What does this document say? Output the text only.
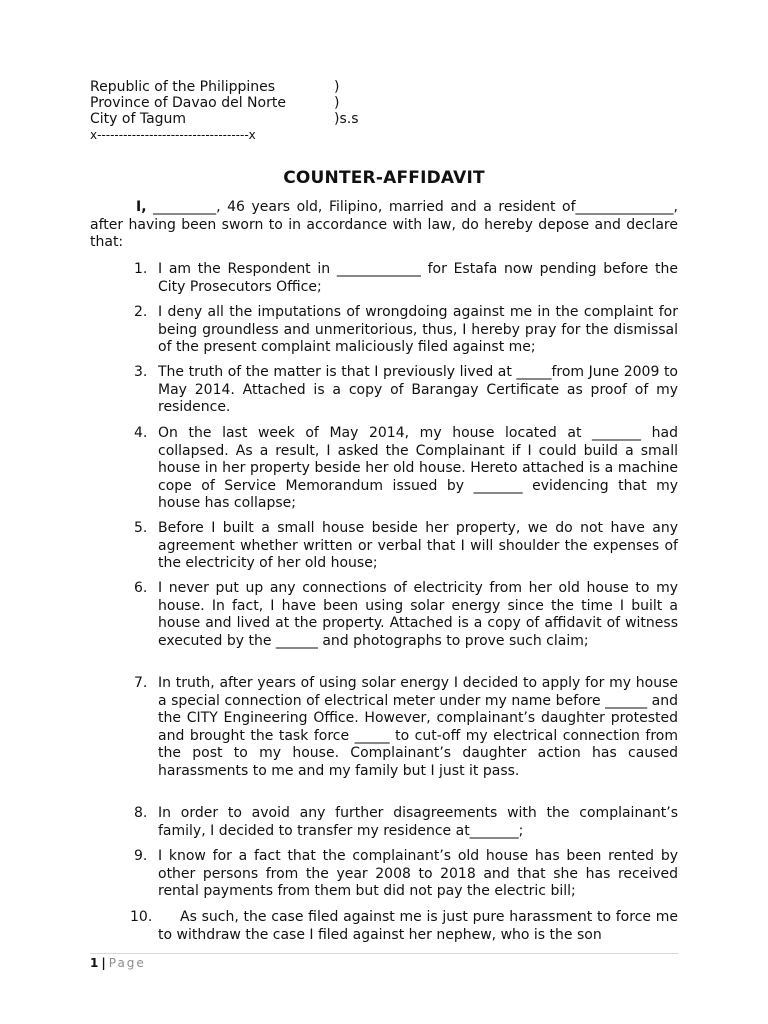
Republic of the Philippines	)
Province of Davao del Norte	)
City of Tagum	)s.s
x-----------------------------------x
COUNTER-AFFIDAVIT
I, _________, 46 years old, Filipino, married and a resident of______________, after having been sworn to in accordance with law, do hereby depose and declare that:
1. I am the Respondent in ____________ for Estafa now pending before the City Prosecutors Office;
2. I deny all the imputations of wrongdoing against me in the complaint for being groundless and unmeritorious, thus, I hereby pray for the dismissal of the present complaint maliciously filed against me;
3. The truth of the matter is that I previously lived at _____from June 2009 to May 2014. Attached is a copy of Barangay Certificate as proof of my residence.
4. On the last week of May 2014, my house located at _______ had collapsed. As a result, I asked the Complainant if I could build a small house in her property beside her old house. Hereto attached is a machine cope of Service Memorandum issued by _______ evidencing that my house has collapse;
5. Before I built a small house beside her property, we do not have any agreement whether written or verbal that I will shoulder the expenses of the electricity of her old house;
6. I never put up any connections of electricity from her old house to my house. In fact, I have been using solar energy since the time I built a house and lived at the property. Attached is a copy of affidavit of witness executed by the ______ and photographs to prove such claim;
7. In truth, after years of using solar energy I decided to apply for my house a special connection of electrical meter under my name before ______ and the CITY Engineering Office. However, complainant’s daughter protested and brought the task force _____ to cut-off my electrical connection from the post to my house. Complainant’s daughter action has caused harassments to me and my family but I just it pass.
8. In order to avoid any further disagreements with the complainant’s family, I decided to transfer my residence at_______;
9. I know for a fact that the complainant’s old house has been rented by other persons from the year 2008 to 2018 and that she has received rental payments from them but did not pay the electric bill;
10. As such, the case filed against me is just pure harassment to force me to withdraw the case I filed against her nephew, who is the son
1 | Page
